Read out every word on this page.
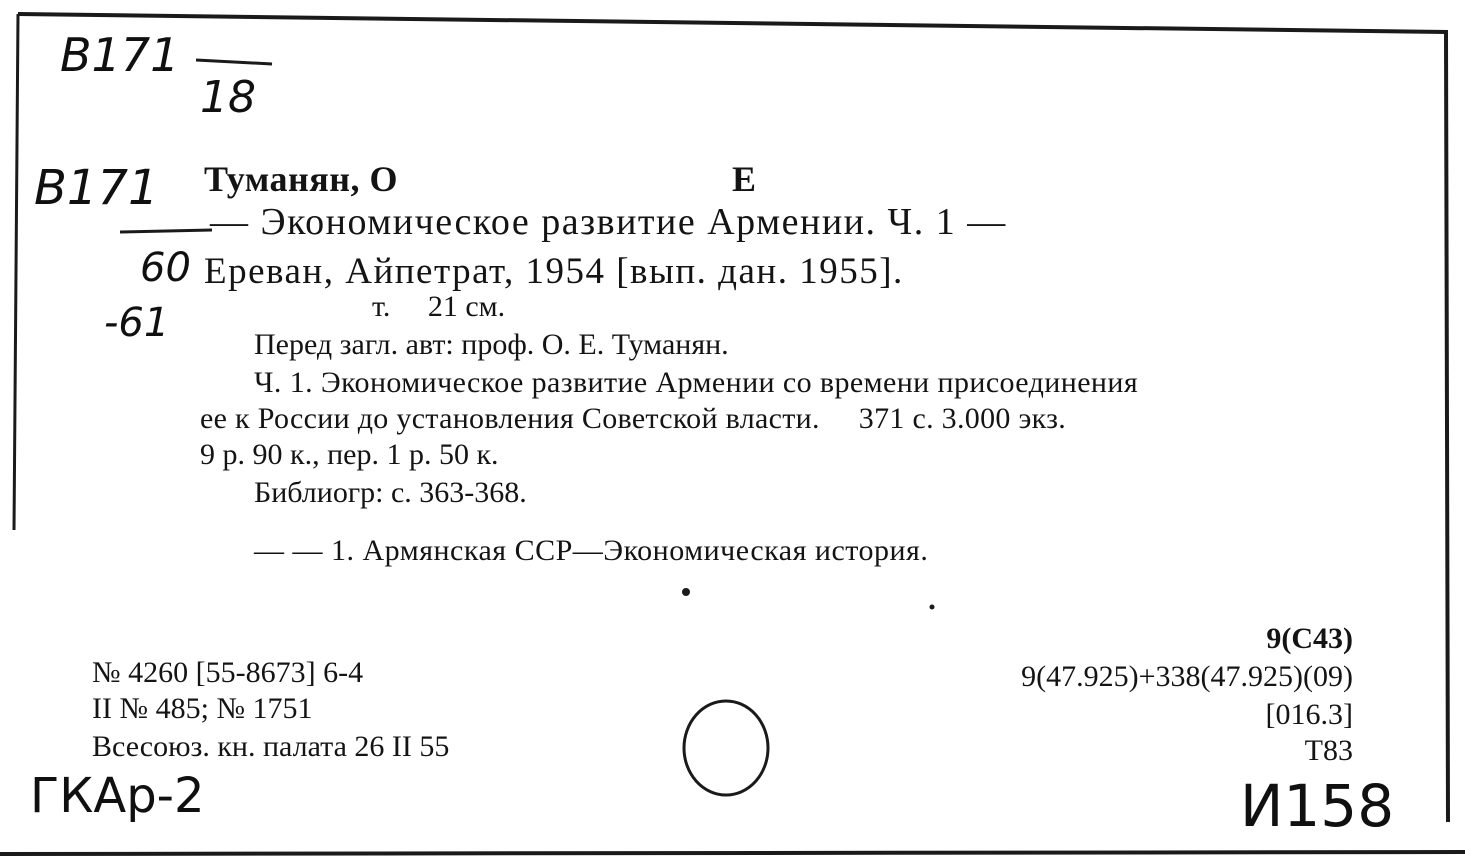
В171
18
В171
60
-61
ГКАр-2	И158
Туманян, О	Е
— Экономическое развитие Армении. Ч. 1 —
Ереван, Айпетрат, 1954 [вып. дан. 1955].
т.     21 см.
Перед загл. авт: проф. О. Е. Туманян.
Ч. 1. Экономическое развитие Армении со времени присоединения
ее к России до установления Советской власти.     371 с. 3.000 экз.
9 р. 90 к., пер. 1 р. 50 к.
Библиогр: с. 363-368.
— — 1. Армянская ССР—Экономическая история.
№ 4260 [55-8673] 6-4
II № 485; № 1751
Всесоюз. кн. палата 26 II 55
9(С43)
9(47.925)+338(47.925)(09)
[016.3]
Т83
